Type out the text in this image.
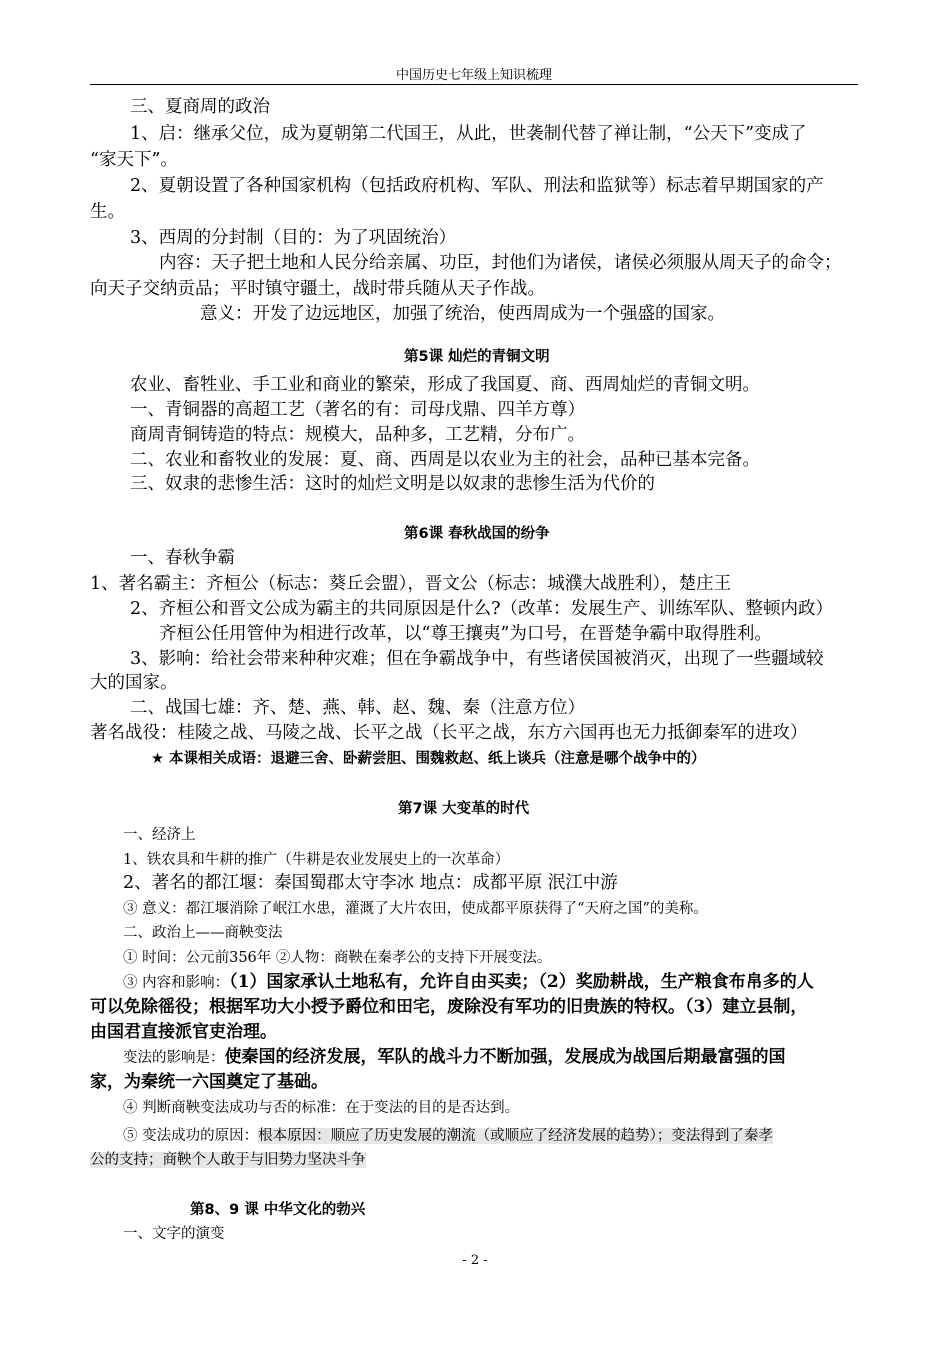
中国历史七年级上知识梳理
三、夏商周的政治
1、启：继承父位，成为夏朝第二代国王，从此，世袭制代替了禅让制，“公天下”变成了
“家天下”。
2、夏朝设置了各种国家机构（包括政府机构、军队、刑法和监狱等）标志着早期国家的产
生。
3、西周的分封制（目的：为了巩固统治）
内容：天子把土地和人民分给亲属、功臣，封他们为诸侯，诸侯必须服从周天子的命令；
向天子交纳贡品；平时镇守疆土，战时带兵随从天子作战。
意义：开发了边远地区，加强了统治，使西周成为一个强盛的国家。
第5课 灿烂的青铜文明
农业、畜牲业、手工业和商业的繁荣，形成了我国夏、商、西周灿烂的青铜文明。
一、青铜器的高超工艺（著名的有：司母戊鼎、四羊方尊）
商周青铜铸造的特点：规模大，品种多，工艺精，分布广。
二、农业和畜牧业的发展：夏、商、西周是以农业为主的社会，品种已基本完备。
三、奴隶的悲惨生活：这时的灿烂文明是以奴隶的悲惨生活为代价的
第6课 春秋战国的纷争
一、春秋争霸
1、著名霸主：齐桓公（标志：葵丘会盟），晋文公（标志：城濮大战胜利），楚庄王
2、齐桓公和晋文公成为霸主的共同原因是什么?（改革：发展生产、训练军队、整顿内政）
齐桓公任用管仲为相进行改革，以“尊王攘夷”为口号，在晋楚争霸中取得胜利。
3、影响：给社会带来种种灾难；但在争霸战争中，有些诸侯国被消灭，出现了一些疆域较
大的国家。
二、战国七雄：齐、楚、燕、韩、赵、魏、秦（注意方位）
著名战役：桂陵之战、马陵之战、长平之战（长平之战，东方六国再也无力抵御秦军的进攻）
★ 本课相关成语：退避三舍、卧薪尝胆、围魏救赵、纸上谈兵（注意是哪个战争中的）
第7课 大变革的时代
一、经济上
1、铁农具和牛耕的推广（牛耕是农业发展史上的一次革命）
2、著名的都江堰：秦国蜀郡太守李冰 地点：成都平原 泯江中游
③ 意义：都江堰消除了岷江水患，灌溉了大片农田，使成都平原获得了“天府之国”的美称。
二、政治上——商鞅变法
① 时间：公元前356年 ②人物：商鞅在秦孝公的支持下开展变法。
③ 内容和影响：（1）国家承认土地私有，允许自由买卖；（2）奖励耕战，生产粮食布帛多的人
可以免除徭役；根据军功大小授予爵位和田宅，废除没有军功的旧贵族的特权。（3）建立县制，
由国君直接派官吏治理。
变法的影响是：使秦国的经济发展，军队的战斗力不断加强，发展成为战国后期最富强的国
家，为秦统一六国奠定了基础。
④ 判断商鞅变法成功与否的标准：在于变法的目的是否达到。
⑤ 变法成功的原因：根本原因：顺应了历史发展的潮流（或顺应了经济发展的趋势）；变法得到了秦孝
公的支持；商鞅个人敢于与旧势力坚决斗争
第8、9 课 中华文化的勃兴
一、文字的演变
- 2 -
